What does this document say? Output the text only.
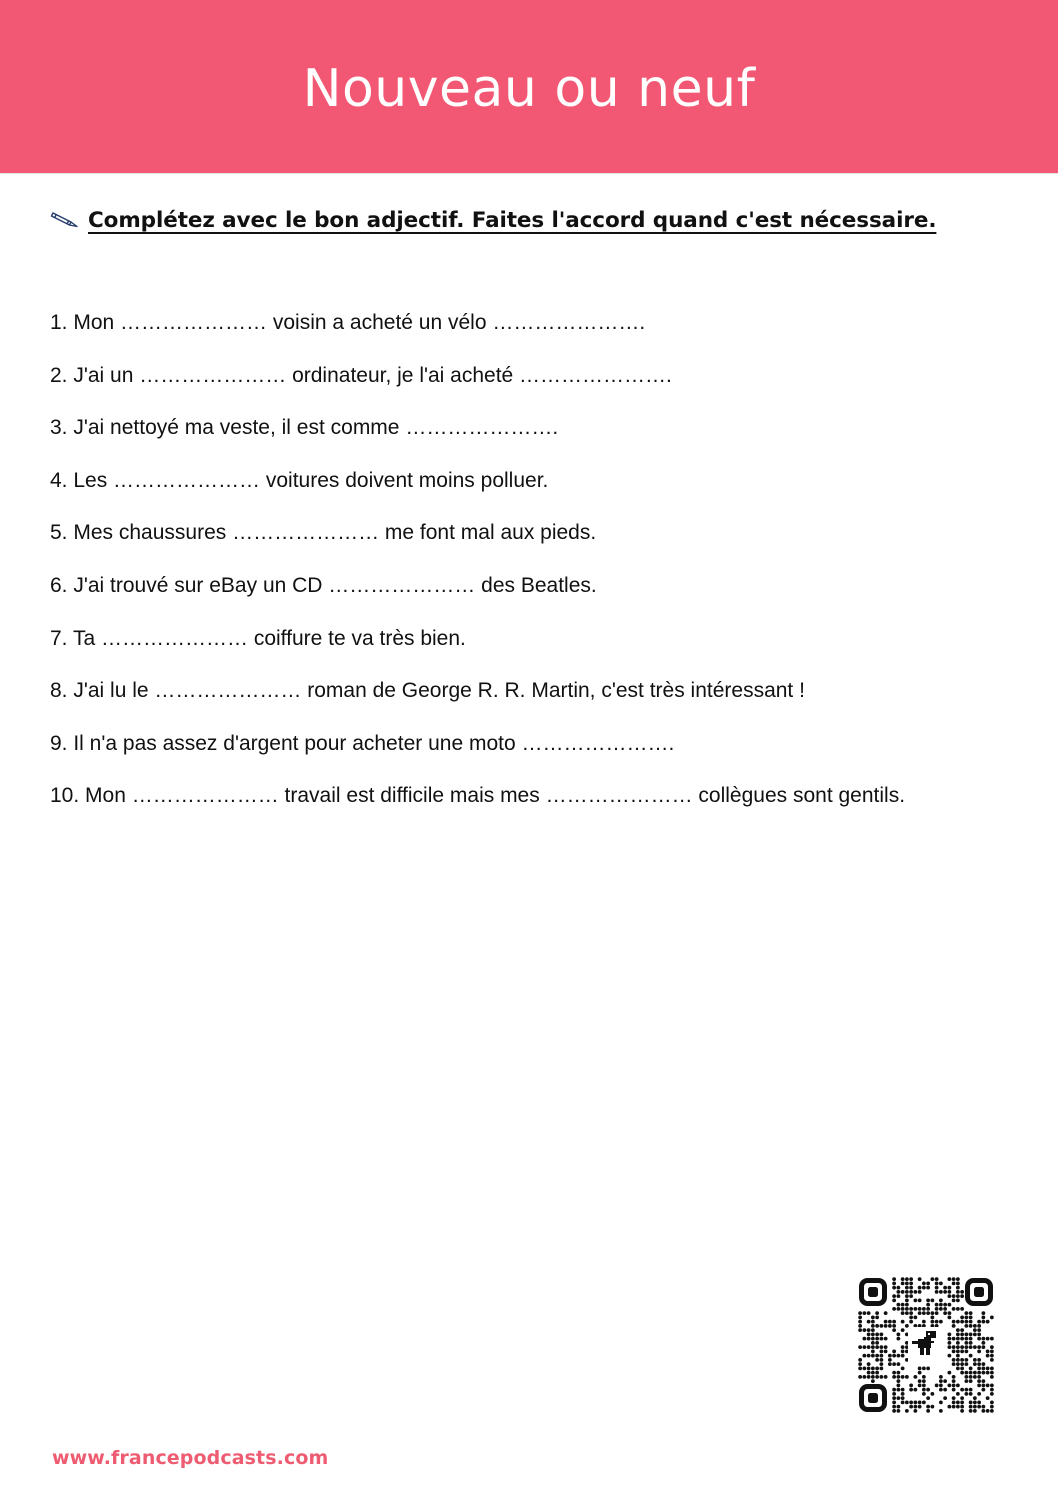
Nouveau ou neuf
Complétez avec le bon adjectif. Faites l'accord quand c'est nécessaire.
1. Mon ………………… voisin a acheté un vélo ………………….
2. J'ai un ………………… ordinateur, je l'ai acheté ………………….
3. J'ai nettoyé ma veste, il est comme ………………….
4. Les ………………… voitures doivent moins polluer.
5. Mes chaussures ………………… me font mal aux pieds.
6. J'ai trouvé sur eBay un CD ………………… des Beatles.
7. Ta ………………… coiffure te va très bien.
8. J'ai lu le ………………… roman de George R. R. Martin, c'est très intéressant !
9. Il n'a pas assez d'argent pour acheter une moto ………………….
10. Mon ………………… travail est difficile mais mes ………………… collègues sont gentils.
www.francepodcasts.com
